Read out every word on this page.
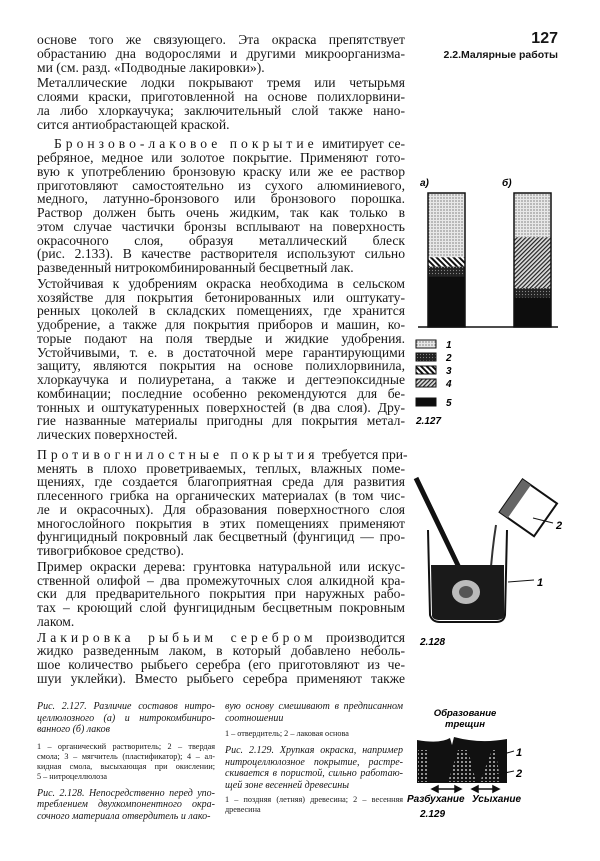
127
2.2.Малярные работы
основе того же связующего. Эта окраска препятствует
обрастанию дна водорослями и другими микроорганизма-
ми (см. разд. «Подводные лакировки»).
Металлические лодки покрывают тремя или четырьмя
слоями краски, приготовленной на основе полихлорвини-
ла либо хлоркаучука; заключительный слой также нано-
сится антиобрастающей краской.
Бронзово-лаковое покрытие имитирует се-
ребряное, медное или золотое покрытие. Применяют гото-
вую к употреблению бронзовую краску или же ее раствор
приготовляют самостоятельно из сухого алюминиевого,
медного, латунно-бронзового или бронзового порошка.
Раствор должен быть очень жидким, так как только в
этом случае частички бронзы всплывают на поверхность
окрасочного слоя, образуя металлический блеск
(рис. 2.133). В качестве растворителя используют сильно
разведенный нитрокомбинированный бесцветный лак.
Устойчивая к удобрениям окраска необходима в сельском
хозяйстве для покрытия бетонированных или оштукату-
ренных цоколей в складских помещениях, где хранится
удобрение, а также для покрытия приборов и машин, ко-
торые подают на поля твердые и жидкие удобрения.
Устойчивыми, т. е. в достаточной мере гарантирующими
защиту, являются покрытия на основе полихлорвинила,
хлоркаучука и полиуретана, а также и дегтеэпоксидные
комбинации; последние особенно рекомендуются для бе-
тонных и оштукатуренных поверхностей (в два слоя). Дру-
гие названные материалы пригодны для покрытия метал-
лических поверхностей.
Противогнилостные покрытия требуется при-
менять в плохо проветриваемых, теплых, влажных поме-
щениях, где создается благоприятная среда для развития
плесенного грибка на органических материалах (в том чис-
ле и окрасочных). Для образования поверхностного слоя
многослойного покрытия в этих помещениях применяют
фунгицидный покровный лак бесцветный (фунгицид — про-
тивогрибковое средство).
Пример окраски дерева: грунтовка натуральной или искус-
ственной олифой – два промежуточных слоя алкидной кра-
ски для предварительного покрытия при наружных рабо-
тах – кроющий слой фунгицидным бесцветным покровным
лаком.
Лакировка рыбьим серебром производится
жидко разведенным лаком, в который добавлено неболь-
шое количество рыбьего серебра (его приготовляют из че-
шуи уклейки). Вместо рыбьего серебра применяют также
а)	б)
1
2
3
4
5
2.127
1
2
2.128
Образование
трещин
1
2
Разбухание Усыхание
2.129
Рис. 2.127. Различие составов нитро-
целлюлозного (а) и нитрокомбиниро-
ванного (б) лаков
1 – органический растворитель; 2 – твердая
смола; 3 – мягчитель (пластификатор); 4 – ал-
кидная смола, высыхающая при окислении;
5 – нитроцеллюлоза
Рис. 2.128. Непосредственно перед упо-
треблением двухкомпонентного окра-
сочного материала отвердитель и лако-
вую основу смешивают в предписанном
соотношении
1 – отвердитель; 2 – лаковая основа
Рис. 2.129. Хрупкая окраска, например
нитроцеллюлозное покрытие, растре-
скивается в пористой, сильно работаю-
щей зоне весенней древесины
1 – поздняя (летняя) древесина; 2 – весенняя
древесина
